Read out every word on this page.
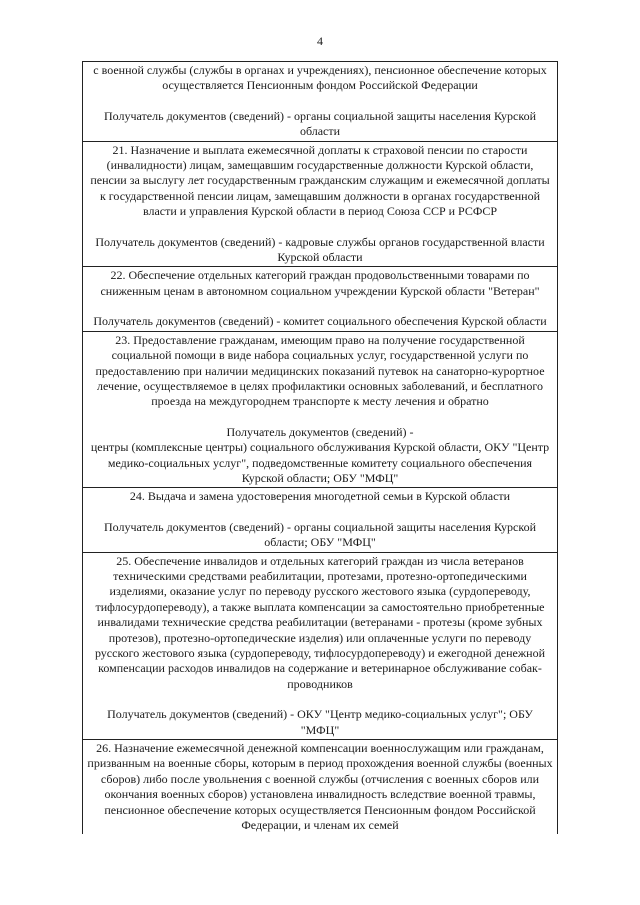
4

с военной службы (службы в органах и учреждениях), пенсионное обеспечение которых осуществляется Пенсионным фондом Российской Федерации

Получатель документов (сведений) - органы социальной защиты населения Курской области

21. Назначение и выплата ежемесячной доплаты к страховой пенсии по старости (инвалидности) лицам, замещавшим государственные должности Курской области, пенсии за выслугу лет государственным гражданским служащим и ежемесячной доплаты к государственной пенсии лицам, замещавшим должности в органах государственной власти и управления Курской области в период Союза ССР и РСФСР

Получатель документов (сведений) - кадровые службы органов государственной власти Курской области

22. Обеспечение отдельных категорий граждан продовольственными товарами по сниженным ценам в автономном социальном учреждении Курской области "Ветеран"

Получатель документов (сведений) - комитет социального обеспечения Курской области

23. Предоставление гражданам, имеющим право на получение государственной социальной помощи в виде набора социальных услуг, государственной услуги по предоставлению при наличии медицинских показаний путевок на санаторно-курортное лечение, осуществляемое в целях профилактики основных заболеваний, и бесплатного проезда на междугороднем транспорте к месту лечения и обратно

Получатель документов (сведений) -

центры (комплексные центры) социального обслуживания Курской области, ОКУ "Центр медико-социальных услуг", подведомственные комитету социального обеспечения Курской области; ОБУ "МФЦ"

24. Выдача и замена удостоверения многодетной семьи в Курской области

Получатель документов (сведений) - органы социальной защиты населения Курской области; ОБУ "МФЦ"

25. Обеспечение инвалидов и отдельных категорий граждан из числа ветеранов техническими средствами реабилитации, протезами, протезно-ортопедическими изделиями, оказание услуг по переводу русского жестового языка (сурдопереводу, тифлосурдопереводу), а также выплата компенсации за самостоятельно приобретенные инвалидами технические средства реабилитации (ветеранами - протезы (кроме зубных протезов), протезно-ортопедические изделия) или оплаченные услуги по переводу русского жестового языка (сурдопереводу, тифлосурдопереводу) и ежегодной денежной компенсации расходов инвалидов на содержание и ветеринарное обслуживание собак-проводников

Получатель документов (сведений) - ОКУ "Центр медико-социальных услуг"; ОБУ "МФЦ"

26. Назначение ежемесячной денежной компенсации военнослужащим или гражданам, призванным на военные сборы, которым в период прохождения военной службы (военных сборов) либо после увольнения с военной службы (отчисления с военных сборов или окончания военных сборов) установлена инвалидность вследствие военной травмы, пенсионное обеспечение которых осуществляется Пенсионным фондом Российской Федерации, и членам их семей
